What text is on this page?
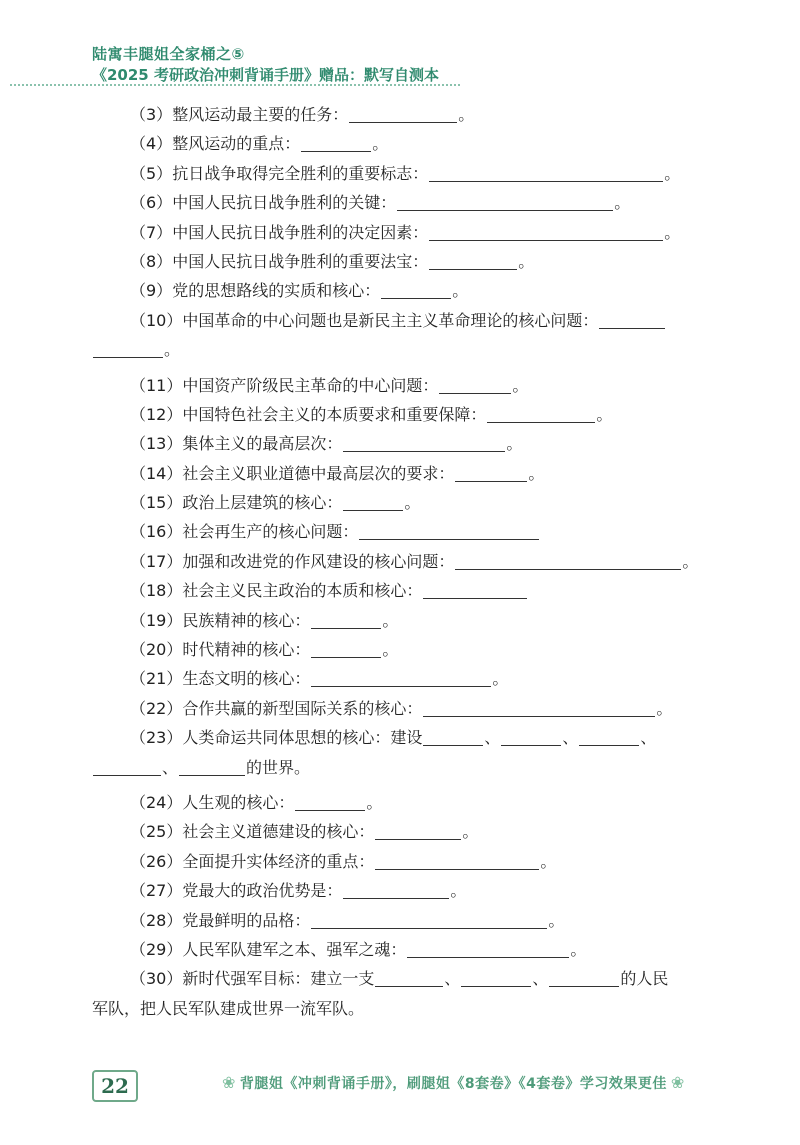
陆寓丰腿姐全家桶之⑤
《2025 考研政治冲刺背诵手册》赠品：默写自测本
（3）整风运动最主要的任务：	。
（4）整风运动的重点：	。
（5）抗日战争取得完全胜利的重要标志：	。
（6）中国人民抗日战争胜利的关键：	。
（7）中国人民抗日战争胜利的决定因素：	。
（8）中国人民抗日战争胜利的重要法宝：	。
（9）党的思想路线的实质和核心：	。
（10）中国革命的中心问题也是新民主主义革命理论的核心问题：
。
（11）中国资产阶级民主革命的中心问题：	。
（12）中国特色社会主义的本质要求和重要保障：	。
（13）集体主义的最高层次：	。
（14）社会主义职业道德中最高层次的要求：	。
（15）政治上层建筑的核心：	。
（16）社会再生产的核心问题：
（17）加强和改进党的作风建设的核心问题：	。
（18）社会主义民主政治的本质和核心：
（19）民族精神的核心：	。
（20）时代精神的核心：	。
（21）生态文明的核心：	。
（22）合作共赢的新型国际关系的核心：	。
（23）人类命运共同体思想的核心：建设	、	、	、
、	的世界。
（24）人生观的核心：	。
（25）社会主义道德建设的核心：	。
（26）全面提升实体经济的重点：	。
（27）党最大的政治优势是：	。
（28）党最鲜明的品格：	。
（29）人民军队建军之本、强军之魂：	。
（30）新时代强军目标：建立一支	、	、	的人民
军队，把人民军队建成世界一流军队。
22	❀ 背腿姐《冲刺背诵手册》，刷腿姐《8套卷》《4套卷》学习效果更佳 ❀
